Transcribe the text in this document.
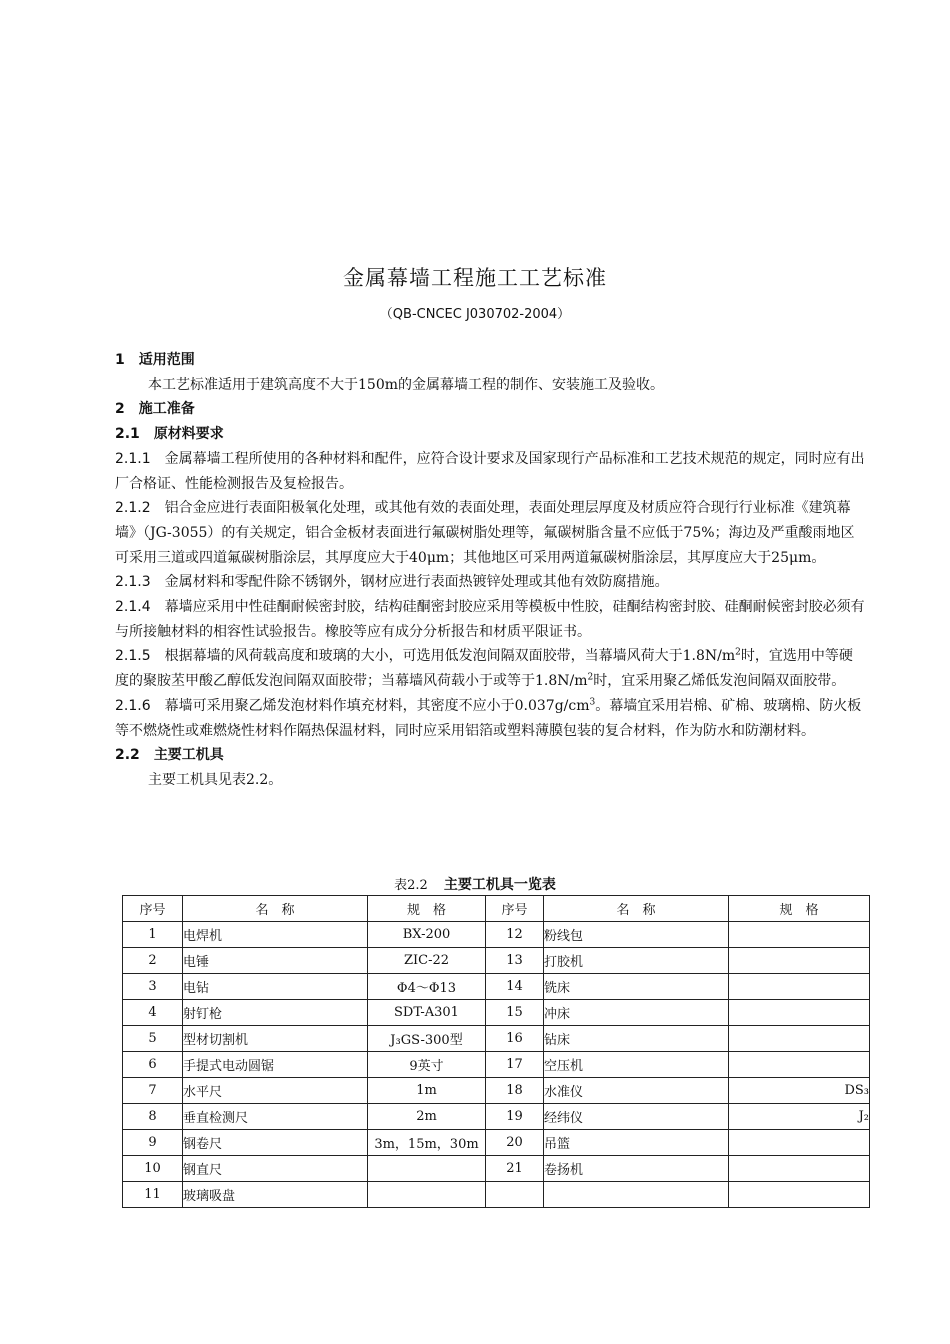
金属幕墙工程施工工艺标准
（QB-CNCEC J030702-2004）

1 适用范围

本工艺标准适用于建筑高度不大于150m的金属幕墙工程的制作、安装施工及验收。

2 施工准备

2.1 原材料要求

2.1.1 金属幕墙工程所使用的各种材料和配件，应符合设计要求及国家现行产品标准和工艺技术规范的规定，同时应有出厂合格证、性能检测报告及复检报告。

2.1.2 铝合金应进行表面阳极氧化处理，或其他有效的表面处理，表面处理层厚度及材质应符合现行行业标准《建筑幕墙》（JG-3055）的有关规定，铝合金板材表面进行氟碳树脂处理等，氟碳树脂含量不应低于75%；海边及严重酸雨地区可采用三道或四道氟碳树脂涂层，其厚度应大于40μm；其他地区可采用两道氟碳树脂涂层，其厚度应大于25μm。

2.1.3 金属材料和零配件除不锈钢外，钢材应进行表面热镀锌处理或其他有效防腐措施。

2.1.4 幕墙应采用中性硅酮耐候密封胶，结构硅酮密封胶应采用等模板中性胶，硅酮结构密封胶、硅酮耐候密封胶必须有与所接触材料的相容性试验报告。橡胶等应有成分分析报告和材质平限证书。

2.1.5 根据幕墙的风荷载高度和玻璃的大小，可选用低发泡间隔双面胶带，当幕墙风荷大于$1.8N/m^2$时，宜选用中等硬度的聚胺苤甲酸乙醇低发泡间隔双面胶带；当幕墙风荷载小于或等于$1.8N/m^2$时，宜采用聚乙烯低发泡间隔双面胶带。

2.1.6 幕墙可采用聚乙烯发泡材料作填充材料，其密度不应小于$0.037g/cm^3$。幕墙宜采用岩棉、矿棉、玻璃棉、防火板等不燃烧性或难燃烧性材料作隔热保温材料，同时应采用铝箔或塑料薄膜包装的复合材料，作为防水和防潮材料。

2.2 主要工机具

主要工机具见表2.2。

表2.2 主要工机具一览表
序号	名　称	规　格	序号	名　称	规　格
1	电焊机	BX-200	12	粉线包	
2	电锤	ZIC-22	13	打胶机	
3	电钻	Φ4～Φ13	14	铣床	
4	射钉枪	SDT-A301	15	冲床	
5	型材切割机	J₃GS-300型	16	钻床	
6	手提式电动圆锯	9英寸	17	空压机	
7	水平尺	1m	18	水准仪	DS₃
8	垂直检测尺	2m	19	经纬仪	J₂
9	钢卷尺	3m，15m，30m	20	吊篮	
10	钢直尺		21	卷扬机	
11	玻璃吸盘				
